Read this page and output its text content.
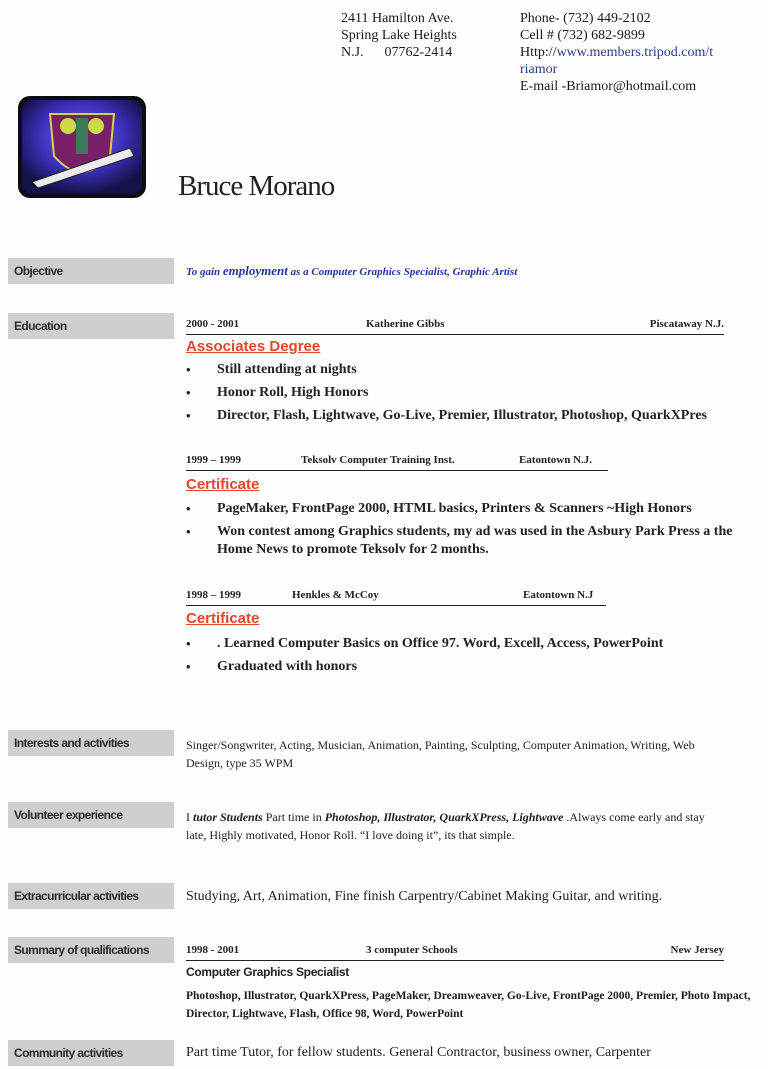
2411 Hamilton Ave.
Spring Lake Heights
N.J.      07762-2414
Phone- (732) 449-2102
Cell # (732) 682-9899
Http://www.members.tripod.com/t
riamor
E-mail -Briamor@hotmail.com
Bruce Morano
Objective	To gain employment as a Computer Graphics Specialist, Graphic Artist
Education	2000 - 2001	Katherine Gibbs	Piscataway N.J.
Associates Degree
• Still attending at nights
• Honor Roll, High Honors
• Director, Flash, Lightwave, Go-Live, Premier, Illustrator, Photoshop, QuarkXPres
1999 – 1999	Teksolv Computer Training Inst.	Eatontown N.J.
Certificate
• PageMaker, FrontPage 2000, HTML basics, Printers & Scanners ~High Honors
• Won contest among Graphics students, my ad was used in the Asbury Park Press a the Home News to promote Teksolv for 2 months.
1998 – 1999	Henkles & McCoy	Eatontown N.J
Certificate
• . Learned Computer Basics on Office 97. Word, Excell, Access, PowerPoint
• Graduated with honors
Interests and activities	Singer/Songwriter, Acting, Musician, Animation, Painting, Sculpting, Computer Animation, Writing, Web Design, type 35 WPM
Volunteer experience	I tutor Students Part time in Photoshop, Illustrator, QuarkXPress, Lightwave .Always come early and stay late, Highly motivated, Honor Roll. “I love doing it”, its that simple.
Extracurricular activities	Studying, Art, Animation, Fine finish Carpentry/Cabinet Making Guitar, and writing.
Summary of qualifications	1998 - 2001	3 computer Schools	New Jersey
Computer Graphics Specialist
Photoshop, Illustrator, QuarkXPress, PageMaker, Dreamweaver, Go-Live, FrontPage 2000, Premier, Photo Impact, Director, Lightwave, Flash, Office 98, Word, PowerPoint
Community activities	Part time Tutor, for fellow students. General Contractor, business owner, Carpenter
